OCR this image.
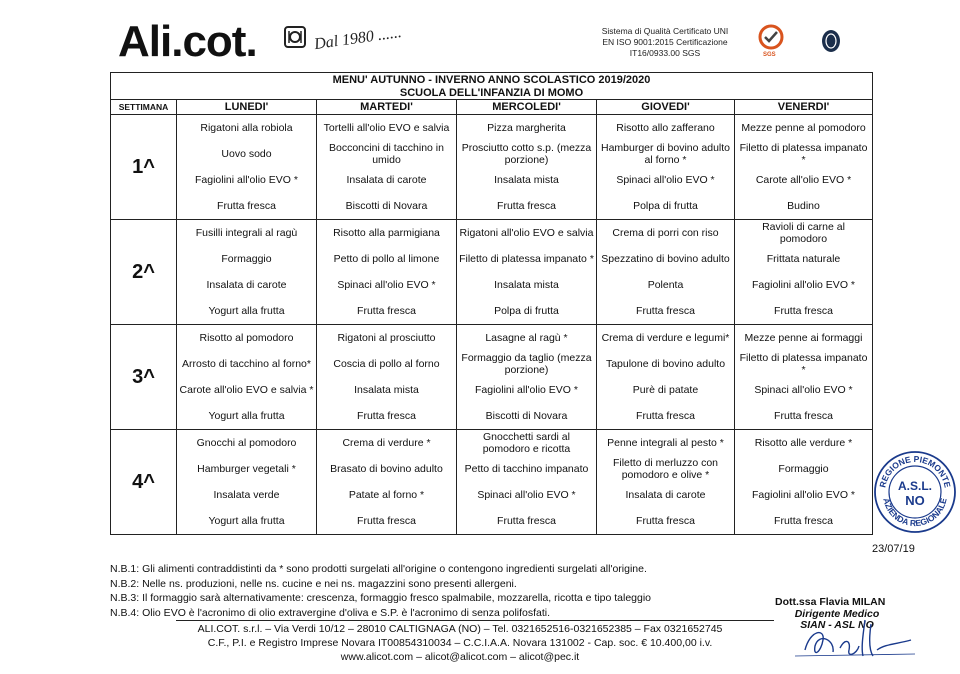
Ali.cot.	Dal 1980 ......	Sistema di Qualità Certificato UNI
EN ISO 9001:2015 Certificazione
IT16/0933.00 SGS	SGS
MENU' AUTUNNO - INVERNO ANNO SCOLASTICO 2019/2020					
SCUOLA DELL'INFANZIA DI MOMO					
SETTIMANA	LUNEDI'	MARTEDI'	MERCOLEDI'	GIOVEDI'	VENERDI'
1^	Rigatoni alla robiola	Tortelli all'olio EVO e salvia	Pizza margherita	Risotto allo zafferano	Mezze penne al pomodoro
	Uovo sodo	Bocconcini di tacchino in umido	Prosciutto cotto s.p. (mezza porzione)	Hamburger di bovino adulto al forno *	Filetto di platessa impanato *
	Fagiolini all'olio EVO *	Insalata di carote	Insalata mista	Spinaci all'olio EVO *	Carote all'olio EVO *
	Frutta fresca	Biscotti di Novara	Frutta fresca	Polpa di frutta	Budino
2^	Fusilli integrali al ragù	Risotto alla parmigiana	Rigatoni all'olio EVO e salvia	Crema di porri con riso	Ravioli di carne al pomodoro
	Formaggio	Petto di pollo al limone	Filetto di platessa impanato *	Spezzatino di bovino adulto	Frittata naturale
	Insalata di carote	Spinaci all'olio EVO *	Insalata mista	Polenta	Fagiolini all'olio EVO *
	Yogurt alla frutta	Frutta fresca	Polpa di frutta	Frutta fresca	Frutta fresca
3^	Risotto al pomodoro	Rigatoni al prosciutto	Lasagne al ragù *	Crema di verdure e legumi*	Mezze penne ai formaggi
	Arrosto di tacchino al forno*	Coscia di pollo al forno	Formaggio da taglio (mezza porzione)	Tapulone di bovino adulto	Filetto di platessa impanato *
	Carote all'olio EVO e salvia *	Insalata mista	Fagiolini all'olio EVO *	Purè di patate	Spinaci all'olio EVO *
	Yogurt alla frutta	Frutta fresca	Biscotti di Novara	Frutta fresca	Frutta fresca
4^	Gnocchi al pomodoro	Crema di verdure *	Gnocchetti sardi al pomodoro e ricotta	Penne integrali al pesto *	Risotto alle verdure *
	Hamburger vegetali *	Brasato di bovino adulto	Petto di tacchino impanato	Filetto di merluzzo con pomodoro e olive *	Formaggio
	Insalata verde	Patate al forno *	Spinaci all'olio EVO *	Insalata di carote	Fagiolini all'olio EVO *
	Yogurt alla frutta	Frutta fresca	Frutta fresca	Frutta fresca	Frutta fresca
REGIONE PIEMONTE
AZIENDA REGIONALE
A.S.L.
NO
23/07/19
N.B.1: Gli alimenti contraddistinti da * sono prodotti surgelati all'origine o contengono ingredienti surgelati all'origine.
N.B.2: Nelle ns. produzioni, nelle ns. cucine e nei ns. magazzini sono presenti allergeni.
N.B.3: Il formaggio sarà alternativamente: crescenza, formaggio fresco spalmabile, mozzarella, ricotta e tipo taleggio
N.B.4: Olio EVO è l'acronimo di olio extravergine d'oliva e S.P. è l'acronimo di senza polifosfati.
Dott.ssa Flavia MILAN
Dirigente Medico
SIAN - ASL NO
ALI.COT. s.r.l. – Via Verdi 10/12 – 28010 CALTIGNAGA (NO) – Tel. 0321652516-0321652385 – Fax 0321652745
C.F., P.I. e Registro Imprese Novara IT00854310034 – C.C.I.A.A. Novara 131002 - Cap. soc. € 10.400,00 i.v.
www.alicot.com – alicot@alicot.com – alicot@pec.it
